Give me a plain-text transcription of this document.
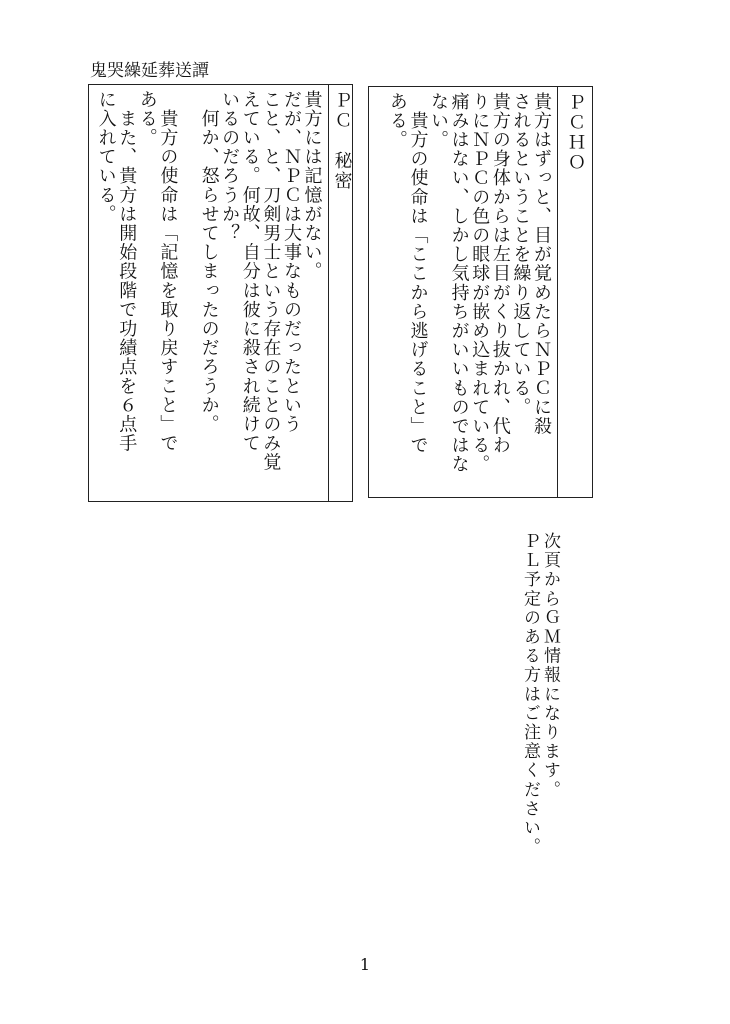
鬼哭繰延葬送譚
貴方はずっと、目が覚めたらＮＰＣに殺
されるということを繰り返している。
貴方の身体からは左目がくり抜かれ、代わ
りにＮＰＣの色の眼球が嵌め込まれている。
痛みはない、しかし気持ちがいいものではな
ない。
　貴方の使命は「ここから逃げること」で
ある。	ＰＣＨＯ
貴方には記憶がない。
だが、ＮＰＣは大事なものだったという
こと、と、刀剣男士という存在のことのみ覚
えている。何故、自分は彼に殺され続けて
いるのだろうか？
　何か、怒らせてしまったのだろうか。

　貴方の使命は「記憶を取り戻すこと」で
ある。
　また、貴方は開始段階で功績点を６点手
に入れている。	ＰＣ　秘密
次頁からＧＭ情報になります。
ＰＬ予定のある方はご注意ください。
1
